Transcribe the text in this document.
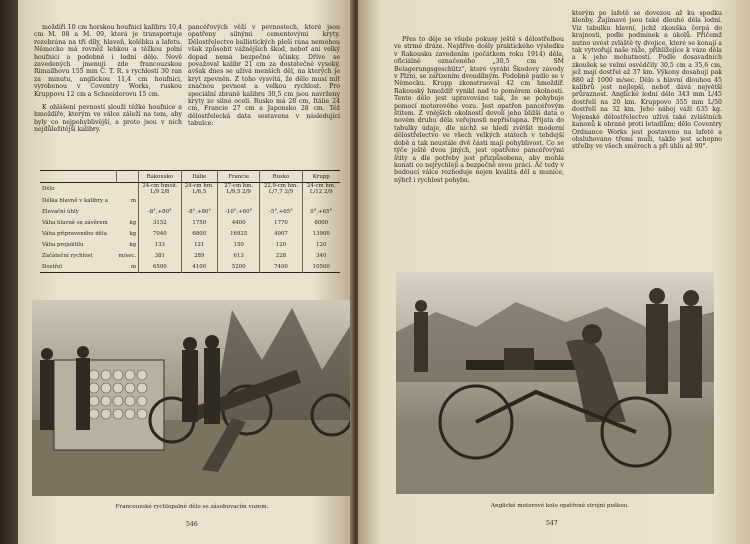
moždíři 10 cm horskou houfnicí kalibru 10,4 cm M. 08 a M. 09, která je transportuje rozebrána na tři díly, hlaveň, kolébku a lafetu. Německo má rovněž lehkou a těžkou polní houfnici a podobně i lodní dělo. Nově zavedených jmenuji zde francouzskou Rimailhovu 155 mm C. T. R. s rychlostí 30 ran za minutu, anglickou 11,4 cm houfnici, vyrobenou v Coventry Works, ruskou Kruppovu 12 cm a Schneiderovu 15 cm.

K ohlášení pevností slouží těžké houfnice a hmoždíře, kterým ve válce záleží na tom, aby byly co nejpohyblivější, a proto jsou v nich nejdůležitější kalibry.

pancéřových věží v pevnostech, které jsou opatřeny silnými cementovými kryty. Dělostřelectvo ballistických pleší rána nemohou však způsobit vážnějších škod, neboť ani velký dopad nemá bezpečné účinky. Dříve se považoval kalibr 21 cm za dostatečně vysoký, avšak dnes se užívá menších děl, na kterých je kryt zpevněn. Z toho vysvítá, že dělo musí mít značnou pevnost a velkou rychlost. Pro speciální zbraně kalibru 30,5 cm jsou navrženy kryty ze silné oceli. Rusko má 28 cm, Itálie 24 cm, Francie 27 cm a Japonsko 28 cm. Též dělostřelecká data sestavena v následující tabulce:

		Rakousko	Itálie	Francie	Rusko	Krupp
Dělo		24-cm hmož. L/9 2/8	24-cm hm. L/6,5	27-cm hm. L/9,5 2/9	22,9-cm hm. L/7,7 2/9	24-cm hm. L/12 2/9
Délka hlavně v kalibry a	m					
Elevační úhly		-8°,+80°	-8°,+80°	-10°,+60°	-5°,+65°	0°,+65°
Váha hlavně se závěrem	kg	3152	1750	4400	1770	6000
Váha připraveného děla	kg	7040	6800	16925	4907	13900
Váha projektilu	kg	133	121	150	120	120
Začáteční rychlost	m/sec.	381	289	613	228	340
Dostřel	m	6500	4100	5200	7400	10500
Francouzské rychlopalné dělo se zásobovacím vozem.
546

Přes to děje se všude pokusy ještě s dělostřelbou ve strmé dráze. Nejdříve došly praktického výsledku v Rakousku zavedením (počátkem roku 1914) děla, oficiálně označeného „30,5 cm SM Belagerungsgeschütz“, které vyrábí Škodovy závody v Plzni, se zařízením dvoudílným. Podobně padlo se v Německu. Krupp zkonstruoval 42 cm hmoždíř. Rakouský hmoždíř vynikl nad to poměrem okolností. Tento dělo jest upravováno tak, že se pohybuje pomocí motorového vozu. Jest opatřen pancéřovým štítem. Z vnějších okolností dovolí jeho bližší data o novém druhu děla veřejnosti nepřístupna. Přijata do tabulky údaje, dle nichž se hledí zvětšit moderní dělostřelectvo ve všech velkých státech v tehdejší době a tak neustále dvě části mají pohyblivost. Co se týče ještě dvou jiných, jest opatřeno pancéřovými štíty a dle potřeby jest přizpůsobena, aby mohla konati co nejrychleji a bezpečně svou práci. Ač tedy v budoucí válce rozhoduje nejen kvalita děl a munice, nýbrž i rychlost pohybu.

kterým po lafetě se dovezou až ku spodku klenby. Zajímavé jsou také dlouhé děla lodní. Viz tabulku hlavní, jichž zkouška čerpá do krajnosti, podle podmínek a úkolů. Přičemž nutno uvést zvláště ty dvojice, které se konají a tak vytvořují naše ráže, přihlížejíce k váze děla a k jeho mohutnosti. Podle dosavadních zkoušek se velmi osvědčily 30,5 cm a 35,6 cm, jež mají dostřel až 37 km. Výkony dosahují pak 880 až 1000 m/sec. Dělo s hlavní dlouhou 45 kalibrů jest nejlepší, neboť dává největší průraznost. Anglické lodní dělo 343 mm L/45 dostřelí na 20 km. Kruppovo 355 mm L/50 dostřelí na 32 km. Jeho náboj váží 635 kg. Vojenské dělostřelectvo užívá také zvláštních kanonů k obraně proti letadlům; dělo Coventry Ordnance Works jest postaveno na lafetě a obsluhováno třemi muži, takže jest schopno střelby ve všech směrech a při úhlu až 90°.

Anglické motorové kolo opatřené strojní puškou.
547
